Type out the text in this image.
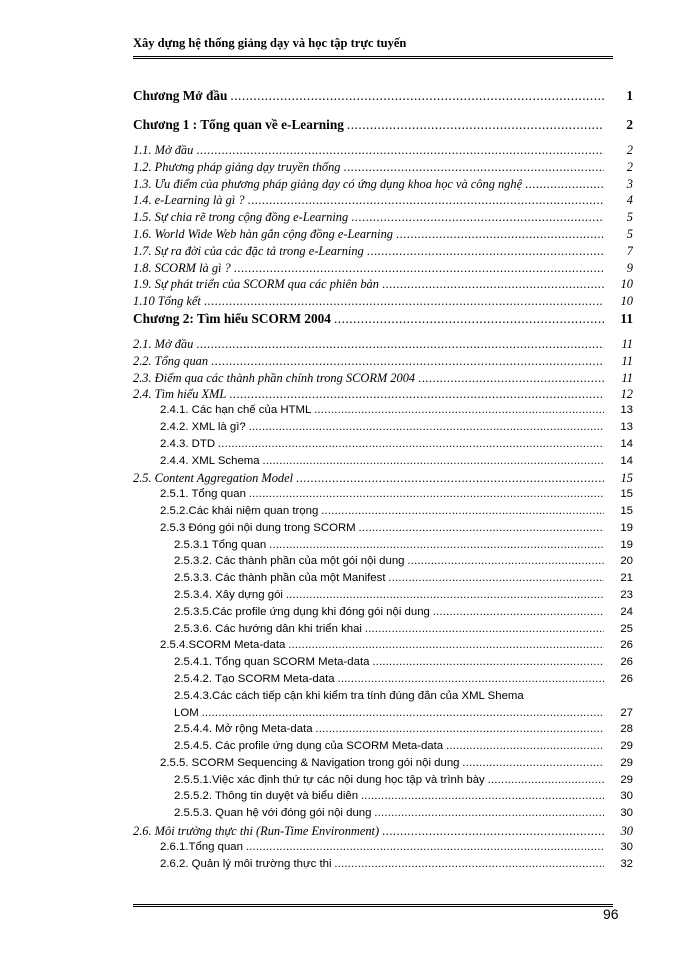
Xây dựng hệ thống giảng dạy và học tập trực tuyến
Chương Mở đầu .....	1
Chương 1 : Tổng quan về e-Learning .....	2
1.1. Mở đầu .....	2
1.2. Phương pháp giảng dạy truyền thống .....	2
1.3. Ưu điểm của phương pháp giảng dạy có ứng dụng khoa học và công nghệ .....	3
1.4. e-Learning là gì ? .....	4
1.5. Sự chia rẽ trong cộng đồng e-Learning .....	5
1.6. World Wide Web hàn gắn cộng đồng e-Learning .....	5
1.7. Sự ra đời của các đặc tả trong e-Learning .....	7
1.8. SCORM là gì ? .....	9
1.9. Sự phát triển của SCORM qua các phiên bản .....	10
1.10 Tổng kết .....	10
Chương 2: Tìm hiểu SCORM 2004 .....	11
2.1. Mở đầu .....	11
2.2. Tổng quan .....	11
2.3. Điểm qua các thành phần chính trong SCORM 2004 .....	11
2.4. Tìm hiểu XML .....	12
2.4.1. Các hạn chế của HTML .....	13
2.4.2. XML là gì? .....	13
2.4.3. DTD .....	14
2.4.4. XML Schema .....	14
2.5. Content Aggregation Model .....	15
2.5.1. Tổng quan .....	15
2.5.2.Các khái niệm quan trọng .....	15
2.5.3 Đóng gói nội dung trong SCORM .....	19
2.5.3.1 Tổng quan .....	19
2.5.3.2. Các thành phần của một gói nội dung .....	20
2.5.3.3. Các thành phần của một Manifest .....	21
2.5.3.4. Xây dựng gói .....	23
2.5.3.5.Các profile ứng dụng khi đóng gói nội dung .....	24
2.5.3.6. Các hướng dẫn khi triển khai .....	25
2.5.4.SCORM Meta-data .....	26
2.5.4.1. Tổng quan SCORM Meta-data .....	26
2.5.4.2. Tạo SCORM Meta-data .....	26
2.5.4.3.Các cách tiếp cận khi kiểm tra tính đúng đắn của XML Shema
LOM .....	27
2.5.4.4. Mở rộng Meta-data .....	28
2.5.4.5. Các profile ứng dụng của SCORM Meta-data .....	29
2.5.5. SCORM Sequencing & Navigation trong gói nội dung .....	29
2.5.5.1.Việc xác định thứ tự các nội dung học tập và trình bày .....	29
2.5.5.2. Thông tin duyệt và biểu diễn .....	30
2.5.5.3. Quan hệ với đóng gói nội dung .....	30
2.6. Môi trường thực thi (Run-Time Environment) .....	30
2.6.1.Tổng quan .....	30
2.6.2. Quản lý môi trường thực thi .....	32
96
